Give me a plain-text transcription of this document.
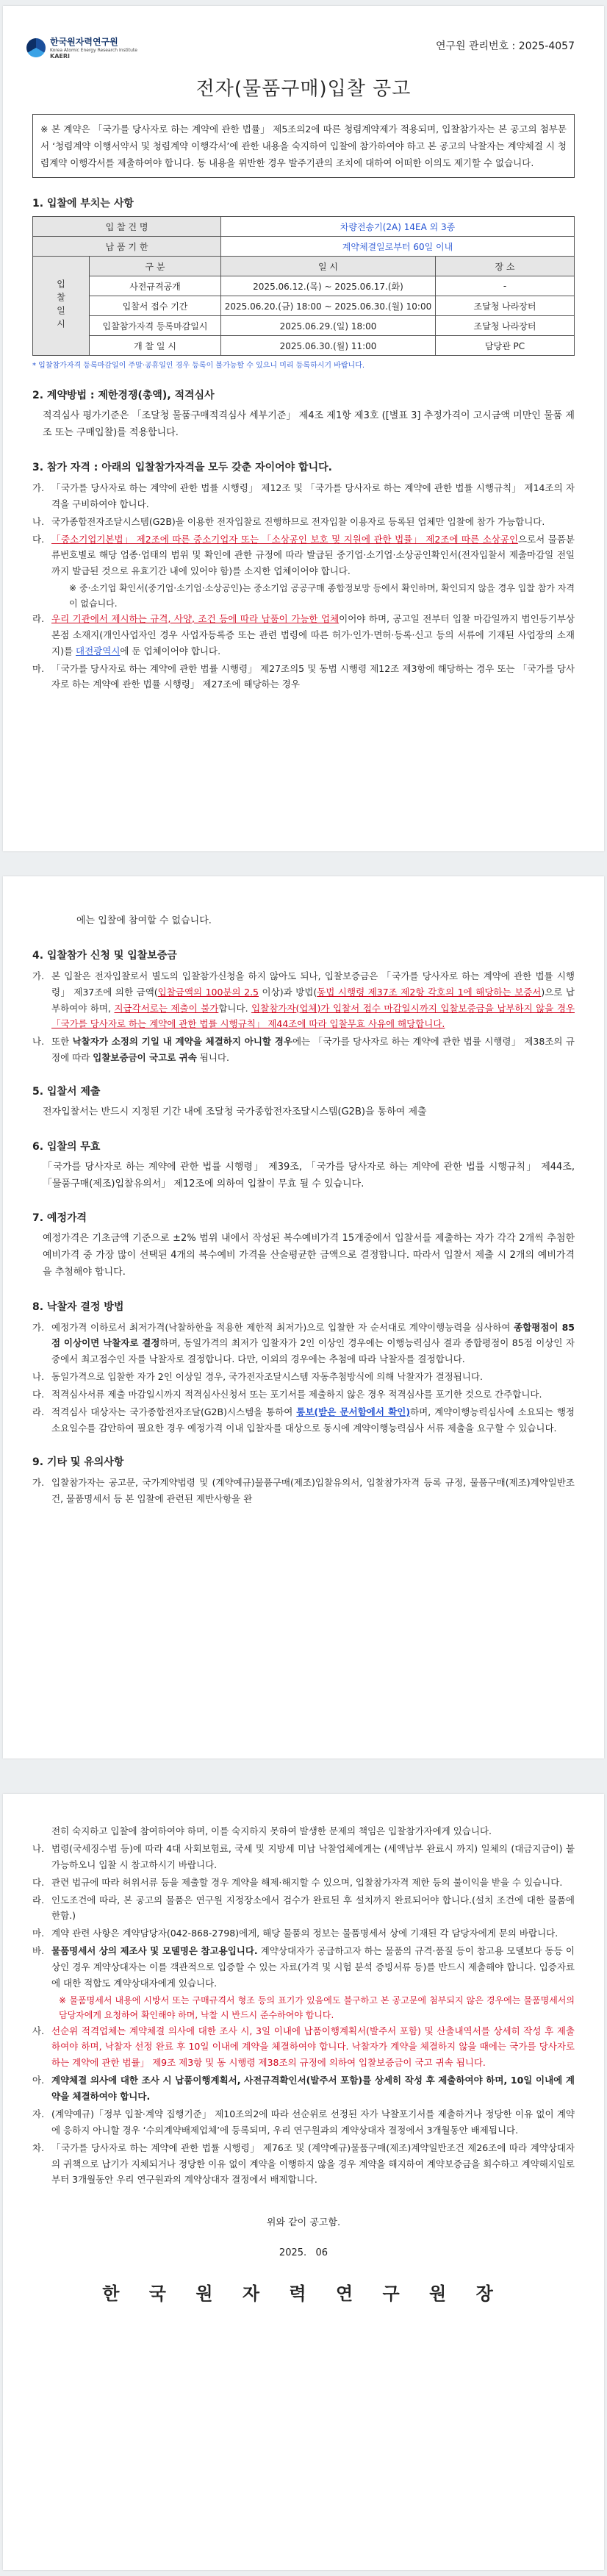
한국원자력연구원
Korea Atomic Energy Research Institute
KAERI
연구원 관리번호 : 2025-4057
전자(물품구매)입찰 공고
※ 본 계약은 「국가를 당사자로 하는 계약에 관한 법률」 제5조의2에 따른 청렴계약제가 적용되며, 입찰참가자는 본 공고의 첨부문서 ‘청렴계약 이행서약서 및 청렴계약 이행각서’에 관한 내용을 숙지하여 입찰에 참가하여야 하고 본 공고의 낙찰자는 계약체결 시 청렴계약 이행각서를 제출하여야 합니다. 동 내용을 위반한 경우 발주기관의 조치에 대하여 어떠한 이의도 제기할 수 없습니다.
1. 입찰에 부치는 사항
입 찰 건 명		차량전송기(2A) 14EA 외 3종	
납 품 기 한		계약체결일로부터 60일 이내	
입찰일시	구 분	일 시	장 소
	사전규격공개	2025.06.12.(목) ~ 2025.06.17.(화)	-
	입찰서 접수 기간	2025.06.20.(금) 18:00 ~ 2025.06.30.(월) 10:00	조달청 나라장터
	입찰참가자격 등록마감일시	2025.06.29.(일) 18:00	조달청 나라장터
	개 찰 일 시	2025.06.30.(월) 11:00	담당관 PC
* 입찰참가자격 등록마감일이 주말·공휴일인 경우 등록이 불가능할 수 있으니 미리 등록하시기 바랍니다.
2. 계약방법 : 제한경쟁(총액), 적격심사
적격심사 평가기준은 「조달청 물품구매적격심사 세부기준」 제4조 제1항 제3호 ([별표 3] 추정가격이 고시금액 미만인 물품 제조 또는 구매입찰)를 적용합니다.
3. 참가 자격 : 아래의 입찰참가자격을 모두 갖춘 자이어야 합니다.
가. 「국가를 당사자로 하는 계약에 관한 법률 시행령」 제12조 및 「국가를 당사자로 하는 계약에 관한 법률 시행규칙」 제14조의 자격을 구비하여야 합니다.
나. 국가종합전자조달시스템(G2B)을 이용한 전자입찰로 진행하므로 전자입찰 이용자로 등록된 업체만 입찰에 참가 가능합니다.
다. 「중소기업기본법」 제2조에 따른 중소기업자 또는 「소상공인 보호 및 지원에 관한 법률」 제2조에 따른 소상공인으로서 물품분류번호별로 해당 업종·업태의 범위 및 확인에 관한 규정에 따라 발급된 중기업·소기업·소상공인확인서(전자입찰서 제출마감일 전일까지 발급된 것으로 유효기간 내에 있어야 함)를 소지한 업체이어야 합니다.
※ 중·소기업 확인서(중기업·소기업·소상공인)는 중소기업 공공구매 종합정보망 등에서 확인하며, 확인되지 않을 경우 입찰 참가 자격이 없습니다.
라. 우리 기관에서 제시하는 규격, 사양, 조건 등에 따라 납품이 가능한 업체이어야 하며, 공고일 전부터 입찰 마감일까지 법인등기부상 본점 소재지(개인사업자인 경우 사업자등록증 또는 관련 법령에 따른 허가·인가·면허·등록·신고 등의 서류에 기재된 사업장의 소재지)를 대전광역시에 둔 업체이어야 합니다.
마. 「국가를 당사자로 하는 계약에 관한 법률 시행령」 제27조의5 및 동법 시행령 제12조 제3항에 해당하는 경우 또는 「국가를 당사자로 하는 계약에 관한 법률 시행령」 제27조에 해당하는 경우
에는 입찰에 참여할 수 없습니다.
4. 입찰참가 신청 및 입찰보증금
가. 본 입찰은 전자입찰로서 별도의 입찰참가신청을 하지 않아도 되나, 입찰보증금은 「국가를 당사자로 하는 계약에 관한 법률 시행령」 제37조에 의한 금액(입찰금액의 100분의 2.5 이상)과 방법(동법 시행령 제37조 제2항 각호의 1에 해당하는 보증서)으로 납부하여야 하며, 지급각서로는 제출이 불가합니다. 입찰참가자(업체)가 입찰서 접수 마감일시까지 입찰보증금을 납부하지 않을 경우 「국가를 당사자로 하는 계약에 관한 법률 시행규칙」 제44조에 따라 입찰무효 사유에 해당합니다.
나. 또한 낙찰자가 소정의 기일 내 계약을 체결하지 아니할 경우에는 「국가를 당사자로 하는 계약에 관한 법률 시행령」 제38조의 규정에 따라 입찰보증금이 국고로 귀속 됩니다.
5. 입찰서 제출
전자입찰서는 반드시 지정된 기간 내에 조달청 국가종합전자조달시스템(G2B)을 통하여 제출
6. 입찰의 무효
「국가를 당사자로 하는 계약에 관한 법률 시행령」 제39조, 「국가를 당사자로 하는 계약에 관한 법률 시행규칙」 제44조, 「물품구매(제조)입찰유의서」 제12조에 의하여 입찰이 무효 될 수 있습니다.
7. 예정가격
예정가격은 기초금액 기준으로 ±2% 범위 내에서 작성된 복수예비가격 15개중에서 입찰서를 제출하는 자가 각각 2개씩 추첨한 예비가격 중 가장 많이 선택된 4개의 복수예비 가격을 산술평균한 금액으로 결정합니다. 따라서 입찰서 제출 시 2개의 예비가격을 추첨해야 합니다.
8. 낙찰자 결정 방법
가. 예정가격 이하로서 최저가격(낙찰하한율 적용한 제한적 최저가)으로 입찰한 자 순서대로 계약이행능력을 심사하여 종합평점이 85점 이상이면 낙찰자로 결정하며, 동일가격의 최저가 입찰자가 2인 이상인 경우에는 이행능력심사 결과 종합평점이 85점 이상인 자 중에서 최고점수인 자를 낙찰자로 결정합니다. 다만, 이외의 경우에는 추첨에 따라 낙찰자를 결정합니다.
나. 동일가격으로 입찰한 자가 2인 이상일 경우, 국가전자조달시스템 자동추첨방식에 의해 낙찰자가 결정됩니다.
다. 적격심사서류 제출 마감일시까지 적격심사신청서 또는 포기서를 제출하지 않은 경우 적격심사를 포기한 것으로 간주합니다.
라. 적격심사 대상자는 국가종합전자조달(G2B)시스템을 통하여 통보(받은 문서함에서 확인)하며, 계약이행능력심사에 소요되는 행정소요일수를 감안하여 필요한 경우 예정가격 이내 입찰자를 대상으로 동시에 계약이행능력심사 서류 제출을 요구할 수 있습니다.
9. 기타 및 유의사항
가. 입찰참가자는 공고문, 국가계약법령 및 (계약예규)물품구매(제조)입찰유의서, 입찰참가자격 등록 규정, 물품구매(제조)계약일반조건, 물품명세서 등 본 입찰에 관련된 제반사항을 완
전히 숙지하고 입찰에 참여하여야 하며, 이를 숙지하지 못하여 발생한 문제의 책임은 입찰참가자에게 있습니다.
나. 법령(국세징수법 등)에 따라 4대 사회보험료, 국세 및 지방세 미납 낙찰업체에게는 (세액납부 완료시 까지) 일체의 (대금지급이) 불가능하오니 입찰 시 참고하시기 바랍니다.
다. 관련 법규에 따라 허위서류 등을 제출할 경우 계약을 해제·해지할 수 있으며, 입찰참가자격 제한 등의 불이익을 받을 수 있습니다.
라. 인도조건에 따라, 본 공고의 물품은 연구원 지정장소에서 검수가 완료된 후 설치까지 완료되어야 합니다.(설치 조건에 대한 물품에 한함.)
마. 계약 관련 사항은 계약담당자(042-868-2798)에게, 해당 물품의 정보는 물품명세서 상에 기재된 각 담당자에게 문의 바랍니다.
바. 물품명세서 상의 제조사 및 모델명은 참고용입니다. 계약상대자가 공급하고자 하는 물품의 규격·품질 등이 참고용 모델보다 동등 이상인 경우 계약상대자는 이를 객관적으로 입증할 수 있는 자료(가격 및 시험 분석 증빙서류 등)를 반드시 제출해야 합니다. 입증자료에 대한 적합도 계약상대자에게 있습니다.
※ 물품명세서 내용에 시방서 또는 구매규격서 형조 등의 표기가 있음에도 불구하고 본 공고문에 첨부되지 않은 경우에는 물품명세서의 담당자에게 요청하여 확인해야 하며, 낙찰 시 반드시 준수하여야 합니다.
사. 선순위 적격업체는 계약체결 의사에 대한 조사 시, 3일 이내에 납품이행계획서(발주서 포함) 및 산출내역서를 상세히 작성 후 제출하여야 하며, 낙찰자 선정 완료 후 10일 이내에 계약을 체결하여야 합니다. 낙찰자가 계약을 체결하지 않을 때에는 국가를 당사자로 하는 계약에 관한 법률」 제9조 제3항 및 동 시행령 제38조의 규정에 의하여 입찰보증금이 국고 귀속 됩니다.
아. 계약체결 의사에 대한 조사 시 납품이행계획서, 사전규격확인서(발주서 포함)를 상세히 작성 후 제출하여야 하며, 10일 이내에 계약을 체결하여야 합니다.
자. (계약예규)「정부 입찰·계약 집행기준」 제10조의2에 따라 선순위로 선정된 자가 낙찰포기서를 제출하거나 정당한 이유 없이 계약에 응하지 아니할 경우 ‘수의계약배제업체’에 등록되며, 우리 연구원과의 계약상대자 결정에서 3개월동안 배제됩니다.
차. 「국가를 당사자로 하는 계약에 관한 법률 시행령」 제76조 및 (계약예규)물품구매(제조)계약일반조건 제26조에 따라 계약상대자의 귀책으로 납기가 지체되거나 정당한 이유 없이 계약을 이행하지 않을 경우 계약을 해지하여 계약보증금을 회수하고 계약해지일로부터 3개월동안 우리 연구원과의 계약상대자 결정에서 배제합니다.
위와 같이 공고함.
2025.   06
한 국 원 자 력 연 구 원 장
